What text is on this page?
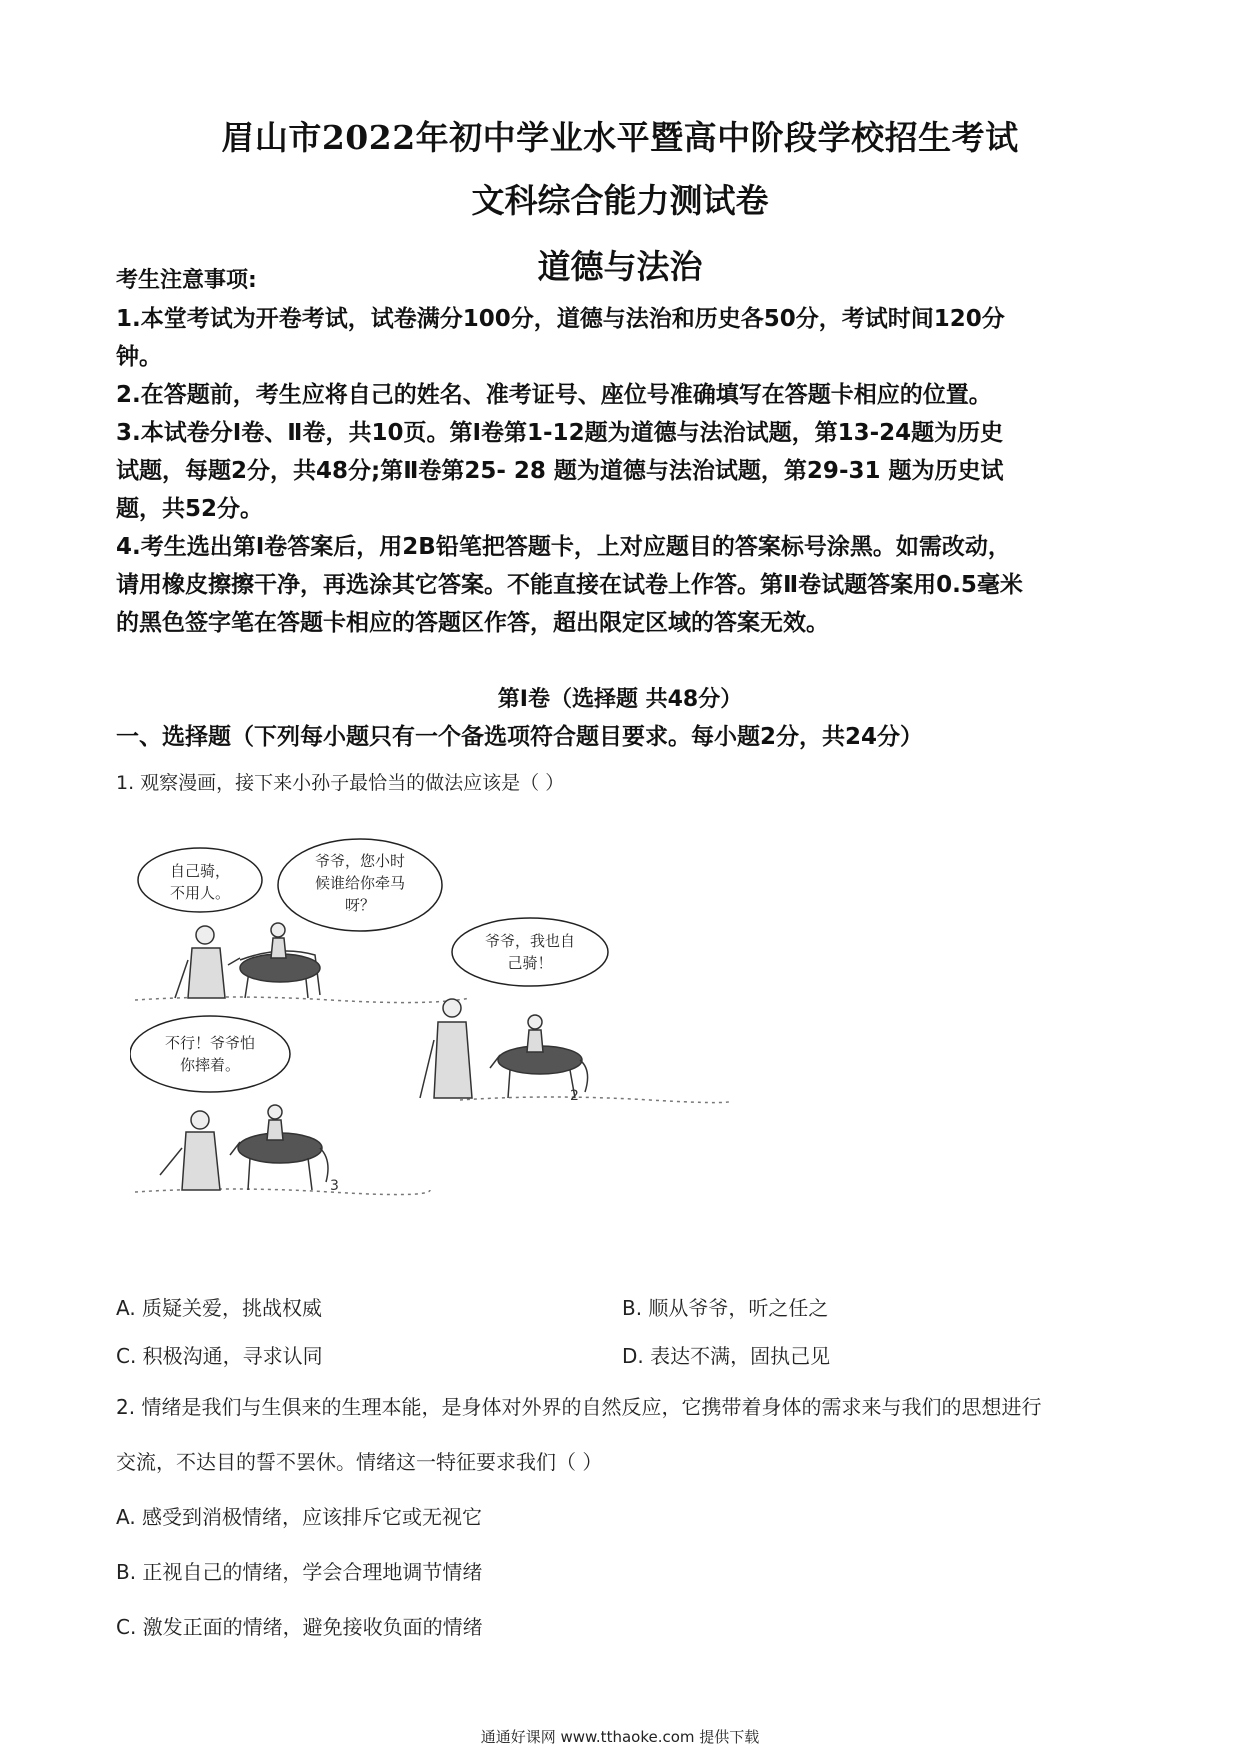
眉山市2022年初中学业水平暨高中阶段学校招生考试
文科综合能力测试卷
道德与法治

考生注意事项:

1.本堂考试为开卷考试，试卷满分100分，道德与法治和历史各50分，考试时间120分

钟。

2.在答题前，考生应将自己的姓名、准考证号、座位号准确填写在答题卡相应的位置。

3.本试卷分Ⅰ卷、Ⅱ卷，共10页。第Ⅰ卷第1-12题为道德与法治试题，第13-24题为历史

试题，每题2分，共48分;第Ⅱ卷第25- 28 题为道德与法治试题，第29-31 题为历史试

题，共52分。

4.考生选出第Ⅰ卷答案后，用2B铅笔把答题卡，上对应题目的答案标号涂黑。如需改动，

请用橡皮擦擦干净，再选涂其它答案。不能直接在试卷上作答。第Ⅱ卷试题答案用0.5毫米

的黑色签字笔在答题卡相应的答题区作答，超出限定区域的答案无效。

第Ⅰ卷（选择题 共48分）
一、选择题（下列每小题只有一个备选项符合题目要求。每小题2分，共24分）
1. 观察漫画，接下来小孙子最恰当的做法应该是（ ）
自己骑，
不用人。
爷爷，您小时
候谁给你牵马
呀？
爷爷，我也自
己骑！
不行！爷爷怕
你摔着。
2
3
A. 质疑关爱，挑战权威	B. 顺从爷爷，听之任之
C. 积极沟通，寻求认同	D. 表达不满，固执己见
2. 情绪是我们与生俱来的生理本能，是身体对外界的自然反应，它携带着身体的需求来与我们的思想进行
交流，不达目的誓不罢休。情绪这一特征要求我们（ ）
A. 感受到消极情绪，应该排斥它或无视它
B. 正视自己的情绪，学会合理地调节情绪
C. 激发正面的情绪，避免接收负面的情绪
通通好课网 www.tthaoke.com 提供下载
